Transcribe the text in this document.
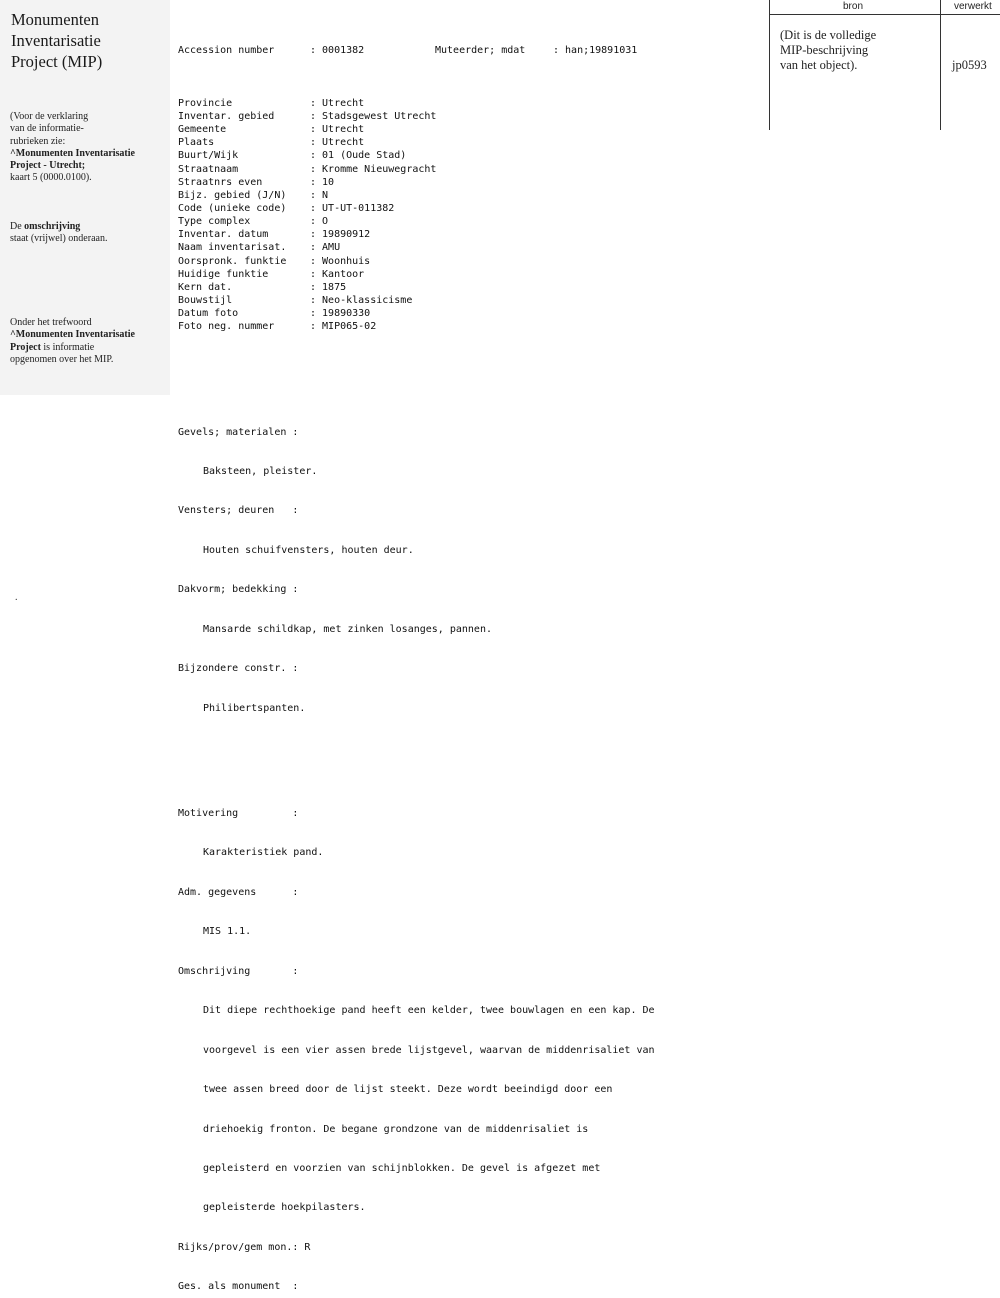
Monumenten
Inventarisatie
Project (MIP)
(Voor de verklaring
van de informatie-
rubrieken zie:
^Monumenten Inventarisatie
Project - Utrecht;
kaart 5 (0000.0100).
De omschrijving
staat (vrijwel) onderaan.
Onder het trefwoord
^Monumenten Inventarisatie
Project is informatie
opgenomen over het MIP.

Accession number	: 0001382	Muteerder; mdat	: han;19891031

Provincie	: Utrecht
Inventar. gebied	: Stadsgewest Utrecht
Gemeente	: Utrecht
Plaats	: Utrecht
Buurt/Wijk	: 01 (Oude Stad)
Straatnaam	: Kromme Nieuwegracht
Straatnrs even	: 10
Bijz. gebied (J/N) : N
Code (unieke code) : UT-UT-011382
Type complex	: O
Inventar. datum	: 19890912
Naam inventarisat. : AMU
Oorspronk. funktie : Woonhuis
Huidige funktie	: Kantoor
Kern dat.	: 1875
Bouwstijl	: Neo-klassicisme
Datum foto	: 19890330
Foto neg. nummer	: MIP065-02

Gevels; materialen :

Baksteen, pleister.

Vensters; deuren   :

Houten schuifvensters, houten deur.

Dakvorm; bedekking :

Mansarde schildkap, met zinken losanges, pannen.

Bijzondere constr. :

Philibertspanten.

Motivering         :

Karakteristiek pand.

Adm. gegevens      :

MIS 1.1.

Omschrijving       :

Dit diepe rechthoekige pand heeft een kelder, twee bouwlagen en een kap. De

voorgevel is een vier assen brede lijstgevel, waarvan de middenrisaliet van

twee assen breed door de lijst steekt. Deze wordt beeindigd door een

driehoekig fronton. De begane grondzone van de middenrisaliet is

gepleisterd en voorzien van schijnblokken. De gevel is afgezet met

gepleisterde hoekpilasters.

Rijks/prov/gem mon.: R

Ges. als monument  :

bron	verwerkt
(Dit is de volledige
MIP-beschrijving
van het object).	jp0593
.
